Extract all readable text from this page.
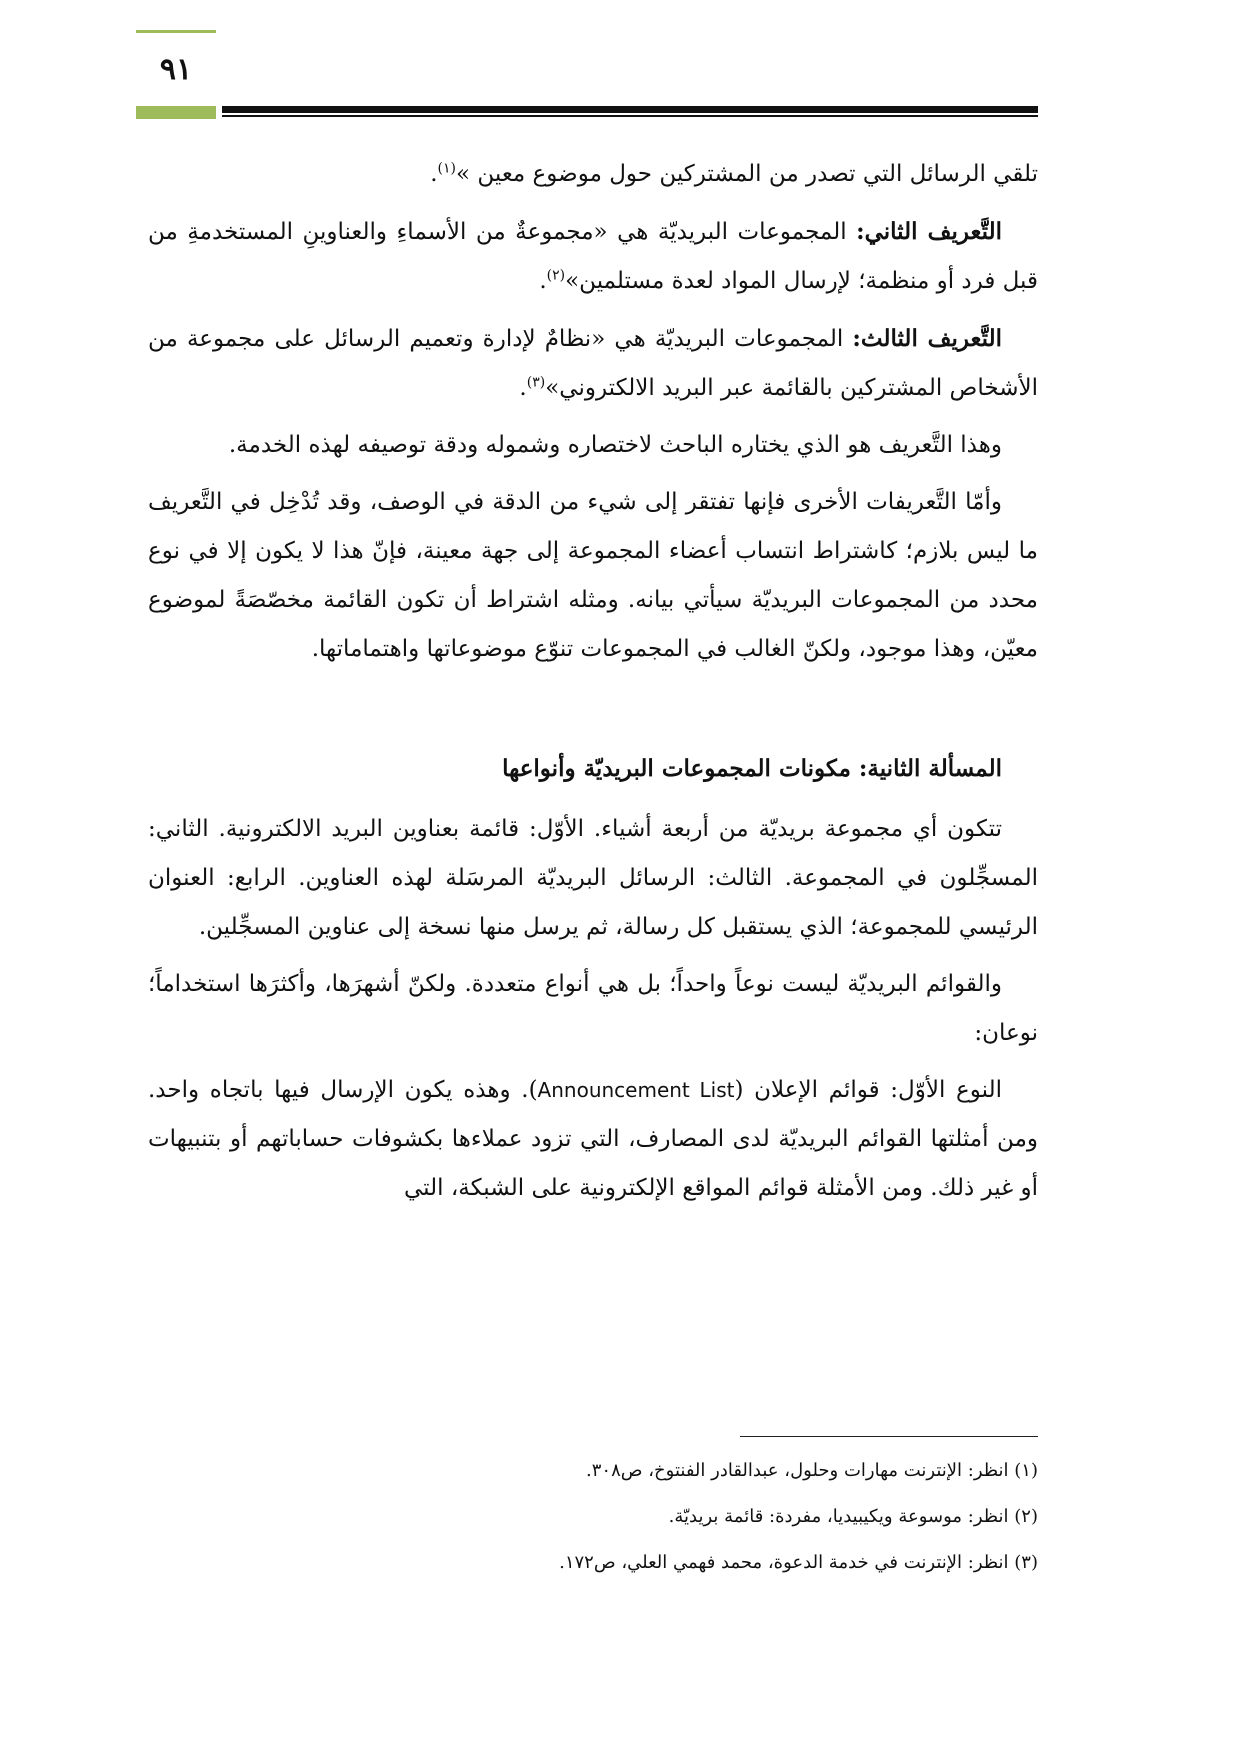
٩١

تلقي الرسائل التي تصدر من المشتركين حول موضوع معين »$^{(١)}$.

التَّعريف الثاني: المجموعات البريديّة هي «مجموعةٌ من الأسماءِ والعناوينِ المستخدمةِ من قبل فرد أو منظمة؛ لإرسال المواد لعدة مستلمين»$^{(٢)}$.

التَّعريف الثالث: المجموعات البريديّة هي «نظامٌ لإدارة وتعميم الرسائل على مجموعة من الأشخاص المشتركين بالقائمة عبر البريد الالكتروني»$^{(٣)}$.

وهذا التَّعريف هو الذي يختاره الباحث لاختصاره وشموله ودقة توصيفه لهذه الخدمة.

وأمّا التَّعريفات الأخرى فإنها تفتقر إلى شيء من الدقة في الوصف، وقد تُدْخِل في التَّعريف ما ليس بلازم؛ كاشتراط انتساب أعضاء المجموعة إلى جهة معينة، فإنّ هذا لا يكون إلا في نوع محدد من المجموعات البريديّة سيأتي بيانه. ومثله اشتراط أن تكون القائمة مخصّصَةً لموضوع معيّن، وهذا موجود، ولكنّ الغالب في المجموعات تنوّع موضوعاتها واهتماماتها.

المسألة الثانية: مكونات المجموعات البريديّة وأنواعها

تتكون أي مجموعة بريديّة من أربعة أشياء. الأوّل: قائمة بعناوين البريد الالكترونية. الثاني: المسجِّلون في المجموعة. الثالث: الرسائل البريديّة المرسَلة لهذه العناوين. الرابع: العنوان الرئيسي للمجموعة؛ الذي يستقبل كل رسالة، ثم يرسل منها نسخة إلى عناوين المسجِّلين.

والقوائم البريديّة ليست نوعاً واحداً؛ بل هي أنواع متعددة. ولكنّ أشهرَها، وأكثرَها استخداماً؛ نوعان:

النوع الأوّل: قوائم الإعلان (Announcement List). وهذه يكون الإرسال فيها باتجاه واحد. ومن أمثلتها القوائم البريديّة لدى المصارف، التي تزود عملاءها بكشوفات حساباتهم أو بتنبيهات أو غير ذلك. ومن الأمثلة قوائم المواقع الإلكترونية على الشبكة، التي

(١) انظر: الإنترنت مهارات وحلول، عبدالقادر الفنتوخ، ص٣٠٨.
(٢) انظر: موسوعة ويكيبيديا، مفردة: قائمة بريديّة.
(٣) انظر: الإنترنت في خدمة الدعوة، محمد فهمي العلي، ص١٧٢.
